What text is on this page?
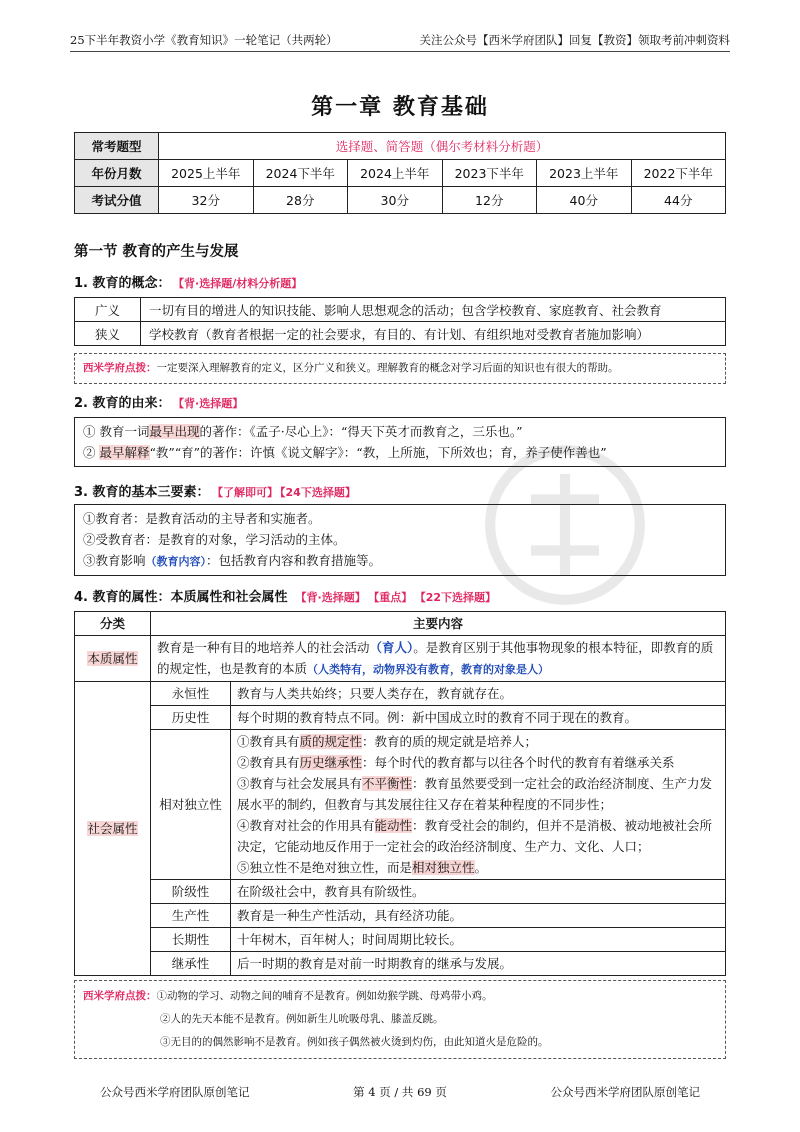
25下半年教资小学《教育知识》一轮笔记（共两轮）	关注公众号【西米学府团队】回复【教资】领取考前冲刺资料
第一章 教育基础
常考题型	选择题、简答题（偶尔考材料分析题）					
年份月数	2025上半年	2024下半年	2024上半年	2023下半年	2023上半年	2022下半年
考试分值	32分	28分	30分	12分	40分	44分
第一节 教育的产生与发展
1. 教育的概念： 【背·选择题/材料分析题】
广义	一切有目的增进人的知识技能、影响人思想观念的活动；包含学校教育、家庭教育、社会教育
狭义	学校教育（教育者根据一定的社会要求，有目的、有计划、有组织地对受教育者施加影响）
西米学府点拨：一定要深入理解教育的定义，区分广义和狭义。理解教育的概念对学习后面的知识也有很大的帮助。
2. 教育的由来： 【背·选择题】
① 教育一词最早出现的著作：《孟子·尽心上》：“得天下英才而教育之，三乐也。”
② 最早解释“教”“育”的著作：许慎《说文解字》：“教，上所施，下所效也；育，养子使作善也”
3. 教育的基本三要素： 【了解即可】 【24下选择题】
①教育者：是教育活动的主导者和实施者。
②受教育者：是教育的对象，学习活动的主体。
③教育影响（教育内容）：包括教育内容和教育措施等。
4. 教育的属性：本质属性和社会属性 【背·选择题】 【重点】 【22下选择题】
分类	主要内容	
本质属性	教育是一种有目的地培养人的社会活动（育人）。是教育区别于其他事物现象的根本特征，即教育的质的规定性，也是教育的本质（人类特有，动物界没有教育，教育的对象是人）	
社会属性	永恒性	教育与人类共始终；只要人类存在，教育就存在。
	历史性	每个时期的教育特点不同。例：新中国成立时的教育不同于现在的教育。
	相对独立性	①教育具有质的规定性：教育的质的规定就是培养人；
②教育具有历史继承性：每个时代的教育都与以往各个时代的教育有着继承关系
③教育与社会发展具有不平衡性：教育虽然要受到一定社会的政治经济制度、生产力发展水平的制约，但教育与其发展往往又存在着某种程度的不同步性；
④教育对社会的作用具有能动性：教育受社会的制约，但并不是消极、被动地被社会所决定，它能动地反作用于一定社会的政治经济制度、生产力、文化、人口；
⑤独立性不是绝对独立性，而是相对独立性。

	阶级性	在阶级社会中，教育具有阶级性。
	生产性	教育是一种生产性活动，具有经济功能。
	长期性	十年树木，百年树人；时间周期比较长。
	继承性	后一时期的教育是对前一时期教育的继承与发展。
西米学府点拨：①动物的学习、动物之间的哺育不是教育。例如幼猴学跳、母鸡带小鸡。
②人的先天本能不是教育。例如新生儿吮吸母乳、膝盖反跳。
③无目的的偶然影响不是教育。例如孩子偶然被火烫到灼伤，由此知道火是危险的。
公众号西米学府团队原创笔记	第 4 页 / 共 69 页	公众号西米学府团队原创笔记
